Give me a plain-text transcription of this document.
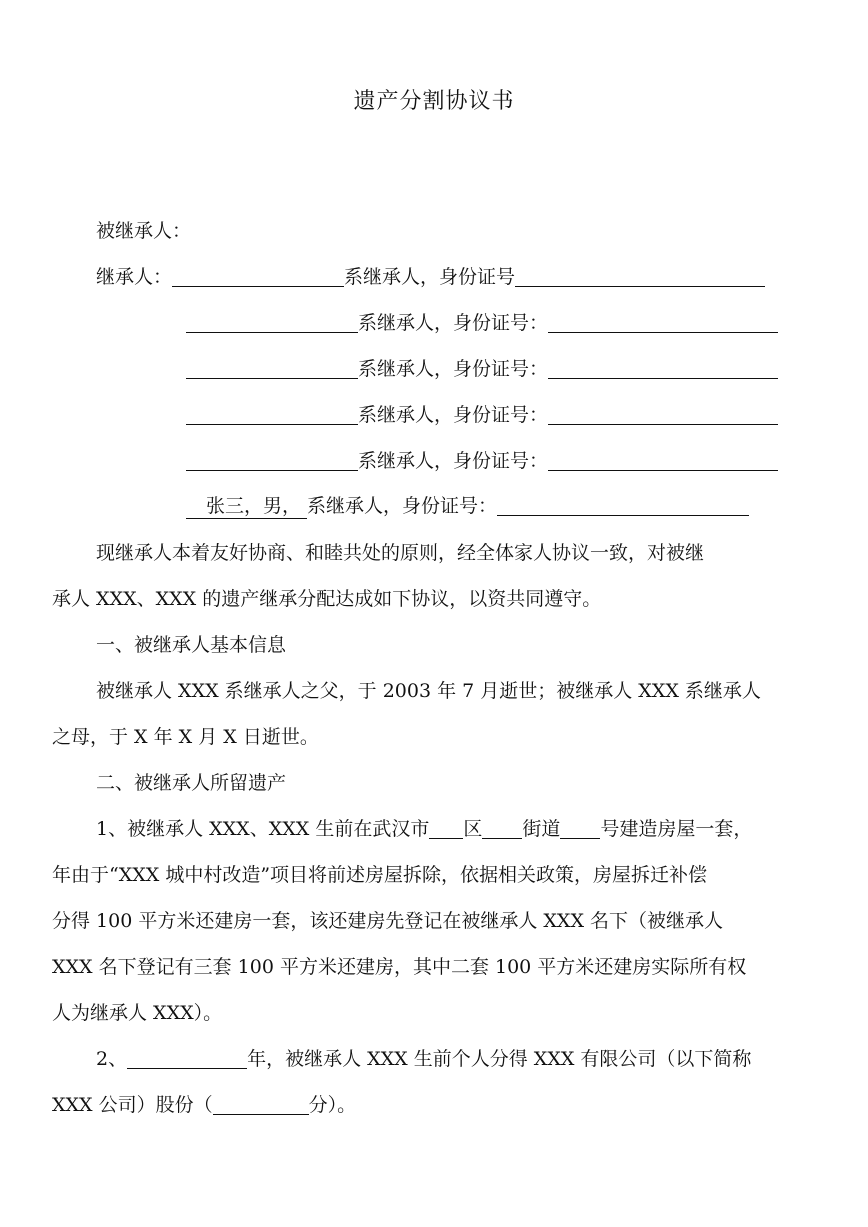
遗产分割协议书
被继承人：
继承人：	系继承人，身份证号
系继承人，身份证号：
系继承人，身份证号：
系继承人，身份证号：
系继承人，身份证号：
张三，男， 系继承人，身份证号：
现继承人本着友好协商、和睦共处的原则，经全体家人协议一致，对被继
承人 XXX、XXX 的遗产继承分配达成如下协议，以资共同遵守。
一、被继承人基本信息
被继承人 XXX 系继承人之父，于 2003 年 7 月逝世；被继承人 XXX 系继承人
之母，于 X 年 X 月 X 日逝世。
二、被继承人所留遗产
1、被继承人 XXX、XXX 生前在武汉市 区 街道 号建造房屋一套，
年由于“XXX 城中村改造”项目将前述房屋拆除，依据相关政策，房屋拆迁补偿
分得 100 平方米还建房一套，该还建房先登记在被继承人 XXX 名下（被继承人
XXX 名下登记有三套 100 平方米还建房，其中二套 100 平方米还建房实际所有权
人为继承人 XXX）。
2、	年，被继承人 XXX 生前个人分得 XXX 有限公司（以下简称
XXX 公司）股份（	分）。
